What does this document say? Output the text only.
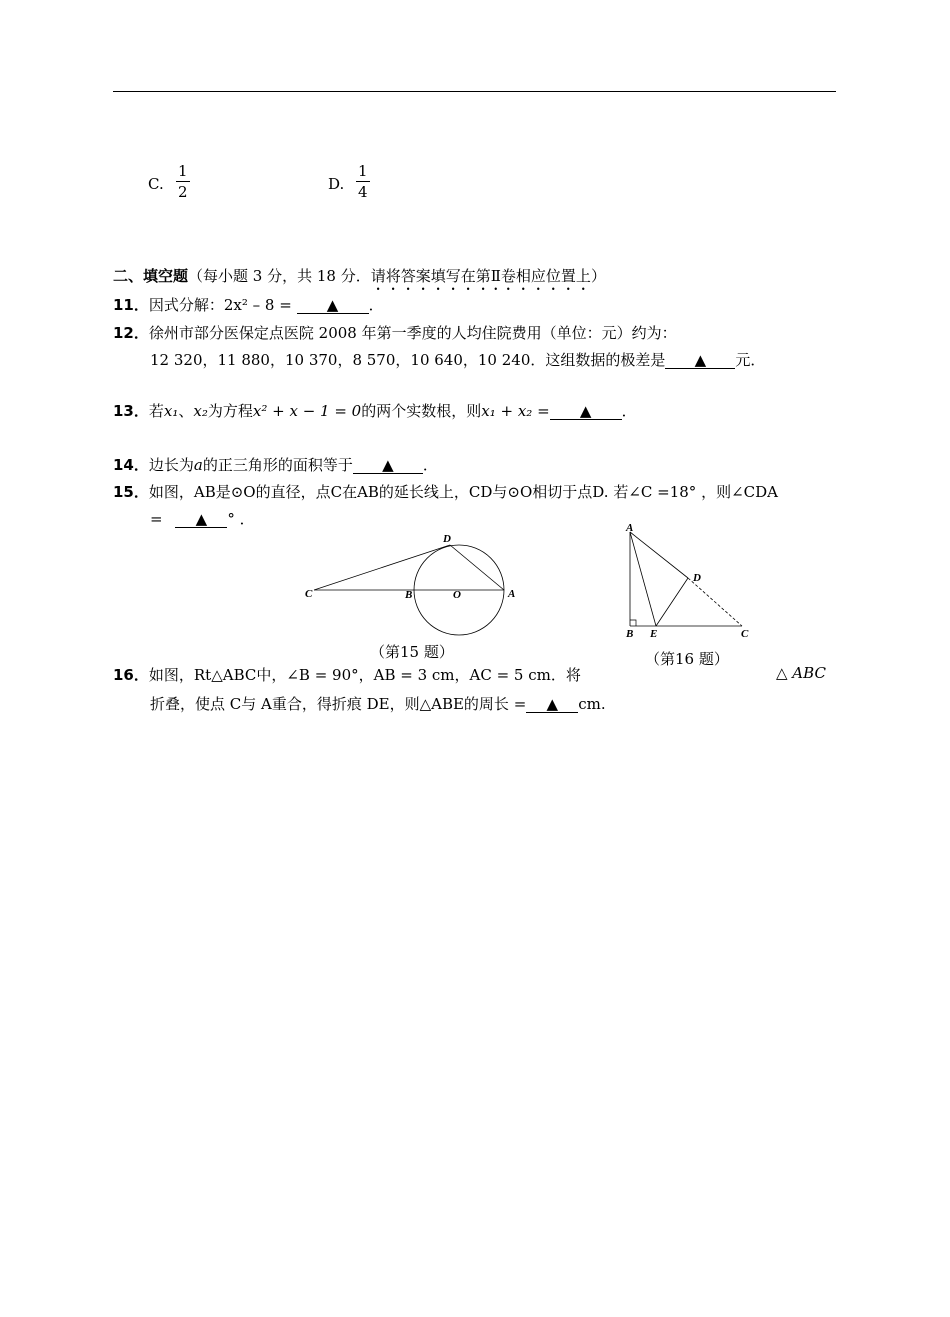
C.
1
2	D.
1
4
二、填空题（每小题 3 分，共 18 分．请将答案填写在第Ⅱ卷相应位置上）
11．因式分解：2x² – 8 = ▲ ．
12．徐州市部分医保定点医院 2008 年第一季度的人均住院费用（单位：元）约为：
12 320，11 880，10 370，8 570，10 640，10 240．这组数据的极差是 ▲ 元．
13．若x₁、x₂为方程x² + x − 1 = 0的两个实数根，则x₁ + x₂ = ▲ ．
14．边长为a的正三角形的面积等于 ▲ ．
15．如图，AB是⊙O的直径，点C在AB的延长线上，CD与⊙O相切于点D. 若∠C =18° ，则∠CDA
= ▲ ° ．
C	B	O	A
D
（第15 题）
A
B E	C
D
（第16 题）
16．如图，Rt△ABC中，∠B = 90°，AB = 3 cm，AC = 5 cm．将	△ ABC
折叠，使点 C与 A重合，得折痕 DE，则△ABE的周长 = ▲ cm.
